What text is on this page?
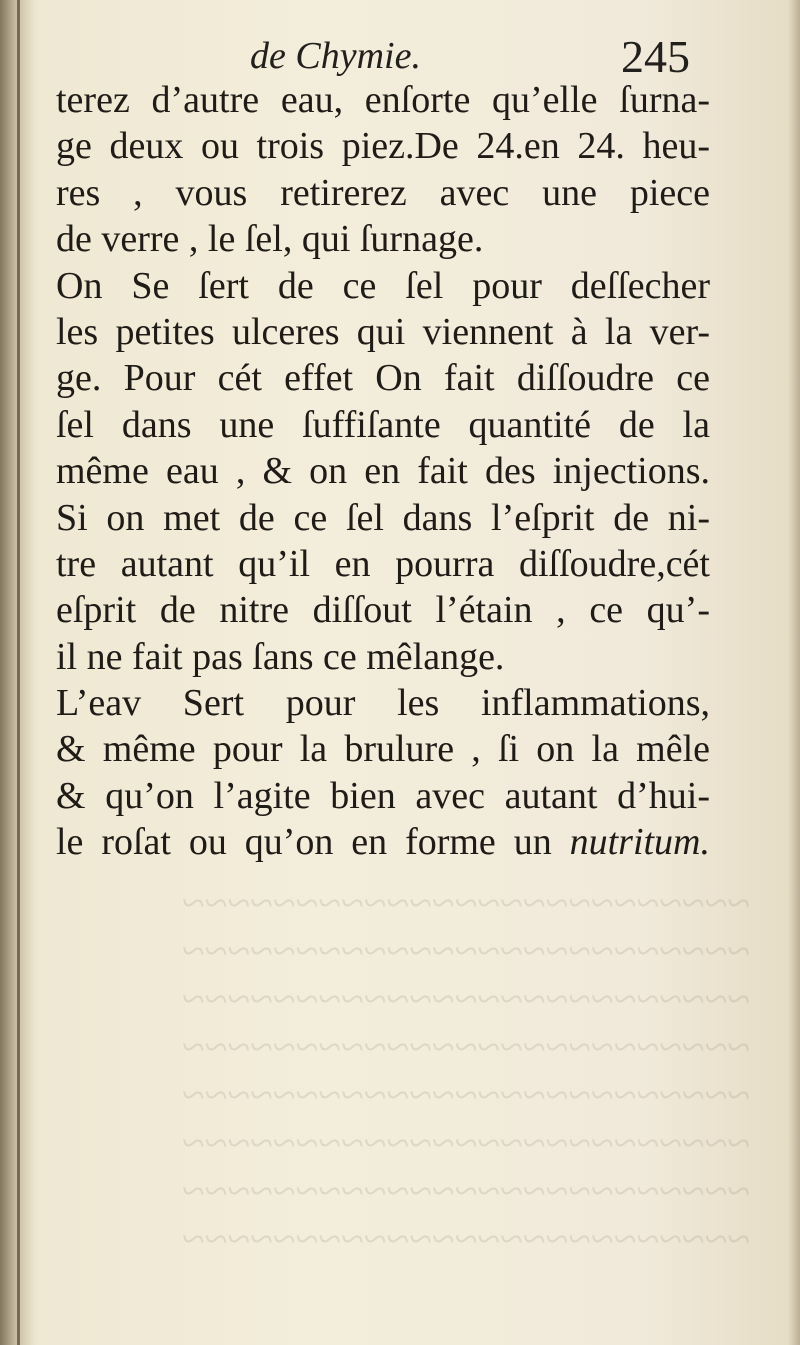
~~~~~~~~~~~~~~~~~~~~~~~~~
~~~~~~~~~~~~~~~~~~~~~~~~~
~~~~~~~~~~~~~~~~~~~~~~~~~
~~~~~~~~~~~~~~~~~~~~~~~~~
~~~~~~~~~~~~~~~~~~~~~~~~~
~~~~~~~~~~~~~~~~~~~~~~~~~
~~~~~~~~~~~~~~~~~~~~~~~~~
~~~~~~~~~~~~~~~~~~~~~~~~~
de Chymie.	245
terez d’autre eau, enſorte qu’elle ſurna-
ge deux ou trois piez.De 24.en 24. heu-
res , vous retirerez avec une piece
de verre , le ſel, qui ſurnage.
On Se ſert de ce ſel pour deſſecher
les petites ulceres qui viennent à la ver-
ge. Pour cét effet On fait diſſoudre ce
ſel dans une ſuffiſante quantité de la
même eau , & on en fait des injections.
Si on met de ce ſel dans l’eſprit de ni-
tre autant qu’il en pourra diſſoudre,cét
eſprit de nitre diſſout l’étain , ce qu’-
il ne fait pas ſans ce mêlange.
L’eav Sert pour les inflammations,
& même pour la brulure , ſi on la mêle
& qu’on l’agite bien avec autant d’hui-
le roſat ou qu’on en forme un nutritum.
